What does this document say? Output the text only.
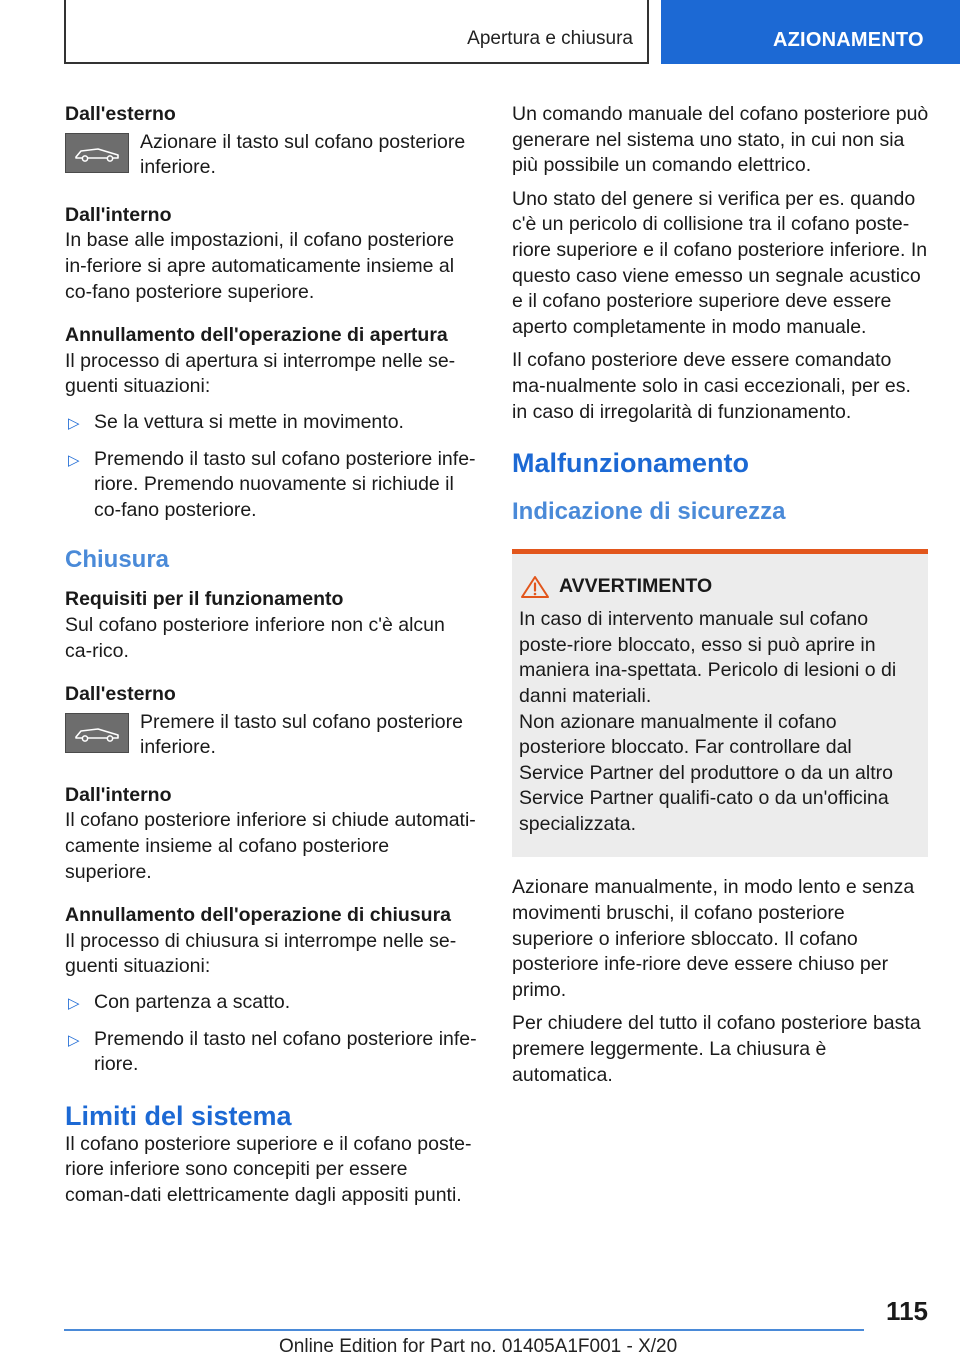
Apertura e chiusura	AZIONAMENTO

Dall'esterno

Azionare il tasto sul cofano posteriore inferiore.

Dall'interno

In base alle impostazioni, il cofano posteriore in-feriore si apre automaticamente insieme al co-fano posteriore superiore.

Annullamento dell'operazione di apertura

Il processo di apertura si interrompe nelle se-guenti situazioni:

▷ Se la vettura si mette in movimento.
▷ Premendo il tasto sul cofano posteriore infe-riore. Premendo nuovamente si richiude il co-fano posteriore.

Chiusura

Requisiti per il funzionamento

Sul cofano posteriore inferiore non c'è alcun ca-rico.

Dall'esterno

Premere il tasto sul cofano posteriore inferiore.

Dall'interno

Il cofano posteriore inferiore si chiude automati-camente insieme al cofano posteriore superiore.

Annullamento dell'operazione di chiusura

Il processo di chiusura si interrompe nelle se-guenti situazioni:

▷ Con partenza a scatto.
▷ Premendo il tasto nel cofano posteriore infe-riore.

Limiti del sistema

Il cofano posteriore superiore e il cofano poste-riore inferiore sono concepiti per essere coman-dati elettricamente dagli appositi punti.

Un comando manuale del cofano posteriore può generare nel sistema uno stato, in cui non sia più possibile un comando elettrico.

Uno stato del genere si verifica per es. quando c'è un pericolo di collisione tra il cofano poste-riore superiore e il cofano posteriore inferiore. In questo caso viene emesso un segnale acustico e il cofano posteriore superiore deve essere aperto completamente in modo manuale.

Il cofano posteriore deve essere comandato ma-nualmente solo in casi eccezionali, per es. in caso di irregolarità di funzionamento.

Malfunzionamento

Indicazione di sicurezza

AVVERTIMENTO

In caso di intervento manuale sul cofano poste-riore bloccato, esso si può aprire in maniera ina-spettata. Pericolo di lesioni o di danni materiali.

Non azionare manualmente il cofano posteriore bloccato. Far controllare dal Service Partner del produttore o da un altro Service Partner qualifi-cato o da un'officina specializzata.

Azionare manualmente, in modo lento e senza movimenti bruschi, il cofano posteriore superiore o inferiore sbloccato. Il cofano posteriore infe-riore deve essere chiuso per primo.

Per chiudere del tutto il cofano posteriore basta premere leggermente. La chiusura è automatica.

115
Online Edition for Part no. 01405A1F001 - X/20
